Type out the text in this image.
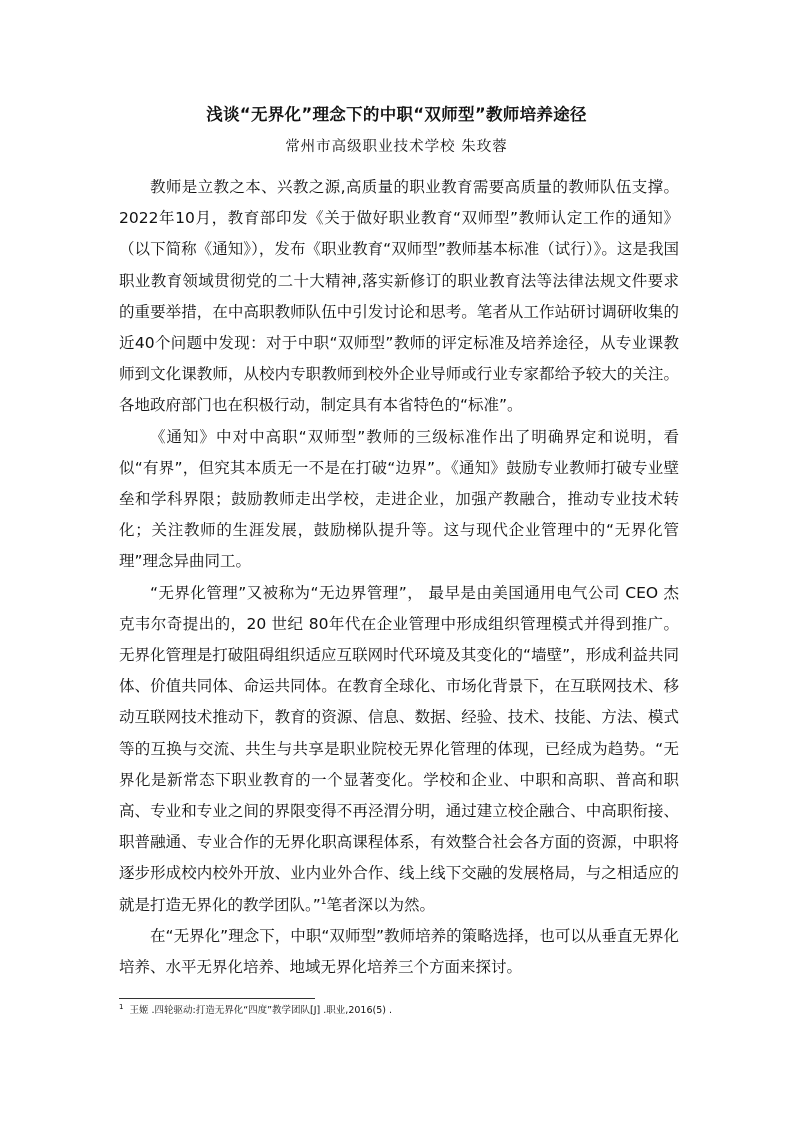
浅谈“无界化”理念下的中职“双师型”教师培养途径
常州市高级职业技术学校 朱玫蓉

教师是立教之本、兴教之源,高质量的职业教育需要高质量的教师队伍支撑。2022年10月，教育部印发《关于做好职业教育“双师型”教师认定工作的通知》（以下简称《通知》），发布《职业教育“双师型”教师基本标准（试行）》。这是我国职业教育领域贯彻党的二十大精神,落实新修订的职业教育法等法律法规文件要求的重要举措，在中高职教师队伍中引发讨论和思考。笔者从工作站研讨调研收集的近40个问题中发现：对于中职“双师型”教师的评定标准及培养途径，从专业课教师到文化课教师，从校内专职教师到校外企业导师或行业专家都给予较大的关注。各地政府部门也在积极行动，制定具有本省特色的“标准”。

《通知》中对中高职“双师型”教师的三级标准作出了明确界定和说明，看似“有界”，但究其本质无一不是在打破“边界”。《通知》鼓励专业教师打破专业壁垒和学科界限；鼓励教师走出学校，走进企业，加强产教融合，推动专业技术转化；关注教师的生涯发展，鼓励梯队提升等。这与现代企业管理中的“无界化管理”理念异曲同工。

“无界化管理”又被称为“无边界管理”， 最早是由美国通用电气公司 CEO 杰克韦尔奇提出的，20 世纪 80年代在企业管理中形成组织管理模式并得到推广。无界化管理是打破阻碍组织适应互联网时代环境及其变化的“墙壁”，形成利益共同体、价值共同体、命运共同体。在教育全球化、市场化背景下，在互联网技术、移动互联网技术推动下，教育的资源、信息、数据、经验、技术、技能、方法、模式等的互换与交流、共生与共享是职业院校无界化管理的体现，已经成为趋势。“无界化是新常态下职业教育的一个显著变化。学校和企业、中职和高职、普高和职高、专业和专业之间的界限变得不再泾渭分明，通过建立校企融合、中高职衔接、职普融通、专业合作的无界化职高课程体系，有效整合社会各方面的资源，中职将逐步形成校内校外开放、业内业外合作、线上线下交融的发展格局，与之相适应的就是打造无界化的教学团队。”$^1$笔者深以为然。

在“无界化”理念下，中职“双师型”教师培养的策略选择，也可以从垂直无界化培养、水平无界化培养、地域无界化培养三个方面来探讨。

$^1$ 王姬 .四轮驱动:打造无界化“四度”教学团队[J] .职业,2016(5) .
